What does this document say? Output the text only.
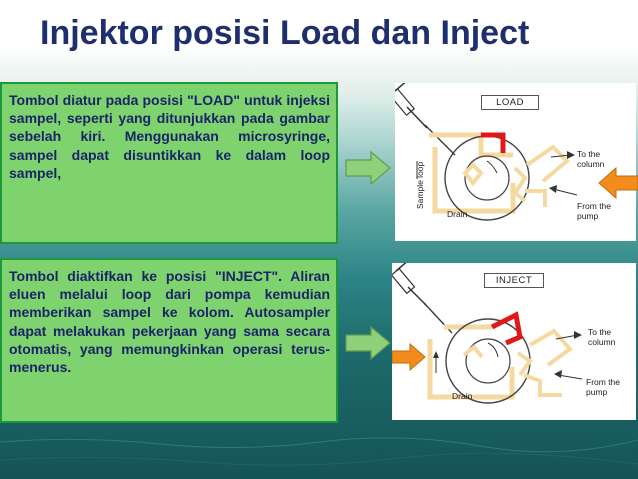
Injektor posisi Load dan Inject
Tombol diatur pada posisi "LOAD" untuk injeksi sampel, seperti yang ditunjukkan pada gambar sebelah kiri. Menggunakan microsyringe, sampel dapat disuntikkan ke dalam loop sampel,
Tombol diaktifkan ke posisi "INJECT". Aliran eluen melalui loop dari pompa kemudian memberikan sampel ke kolom. Autosampler dapat melakukan pekerjaan yang sama secara otomatis, yang memungkinkan operasi terus-menerus.
LOAD
Sample loop
Drain
To the
column
From the
pump
INJECT
Drain
To the
column
From the
pump
